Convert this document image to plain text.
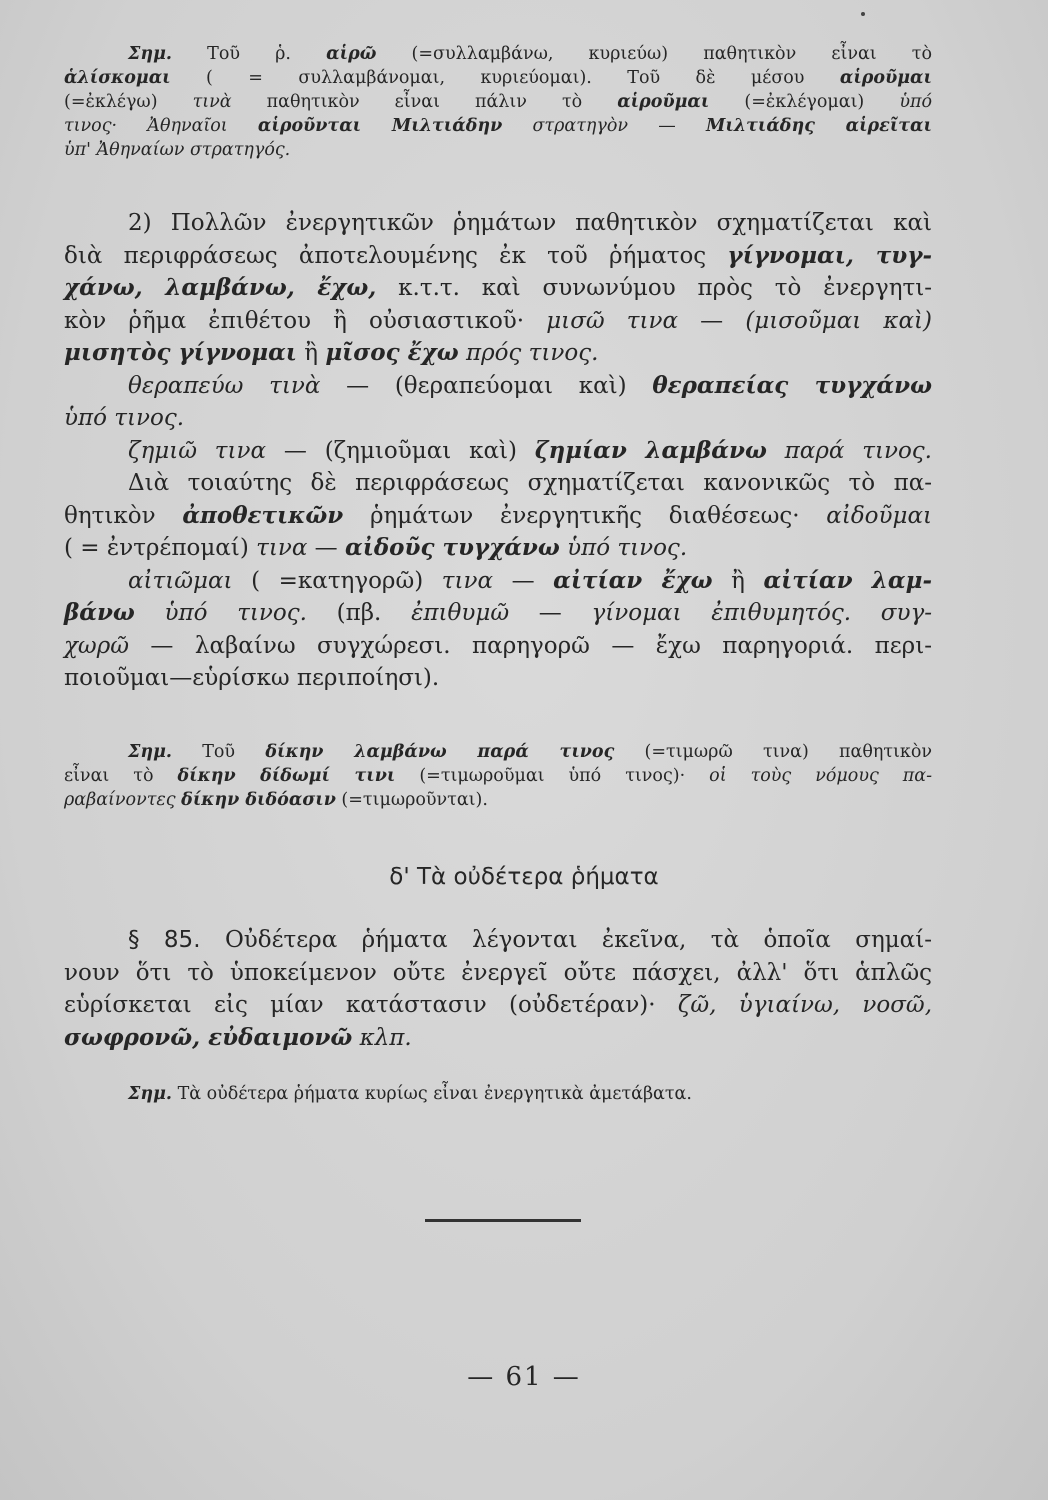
Σημ. Τοῦ ῥ. αἱρῶ (=συλλαμβάνω, κυριεύω) παθητικὸν εἶναι τὸ
ἁλίσκομαι ( = συλλαμβάνομαι, κυριεύομαι). Τοῦ δὲ μέσου αἱροῦμαι
(=ἐκλέγω) τινὰ παθητικὸν εἶναι πάλιν τὸ αἱροῦμαι (=ἐκλέγομαι) ὑπό
τινος· Ἀθηναῖοι αἱροῦνται Μιλτιάδην στρατηγὸν — Μιλτιάδης αἱρεῖται
ὑπ' Ἀθηναίων στρατηγός.
2) Πολλῶν ἐνεργητικῶν ῥημάτων παθητικὸν σχηματίζεται καὶ
διὰ περιφράσεως ἀποτελουμένης ἐκ τοῦ ῥήματος γίγνομαι, τυγ-
χάνω, λαμβάνω, ἔχω, κ.τ.τ. καὶ συνωνύμου πρὸς τὸ ἐνεργητι-
κὸν ῥῆμα ἐπιθέτου ἢ οὐσιαστικοῦ· μισῶ τινα — (μισοῦμαι καὶ)
μισητὸς γίγνομαι ἢ μῖσος ἔχω πρός τινος.
θεραπεύω τινὰ — (θεραπεύομαι καὶ) θεραπείας τυγχάνω
ὑπό τινος.
ζημιῶ τινα — (ζημιοῦμαι καὶ) ζημίαν λαμβάνω παρά τινος.
Διὰ τοιαύτης δὲ περιφράσεως σχηματίζεται κανονικῶς τὸ πα-
θητικὸν ἀποθετικῶν ῥημάτων ἐνεργητικῆς διαθέσεως· αἰδοῦμαι
( = ἐντρέπομαί) τινα — αἰδοῦς τυγχάνω ὑπό τινος.
αἰτιῶμαι ( =κατηγορῶ) τινα — αἰτίαν ἔχω ἢ αἰτίαν λαμ-
βάνω ὑπό τινος. (πβ. ἐπιθυμῶ — γίνομαι ἐπιθυμητός. συγ-
χωρῶ — λαβαίνω συγχώρεσι. παρηγορῶ — ἔχω παρηγοριά. περι-
ποιοῦμαι—εὑρίσκω περιποίησι).
Σημ. Τοῦ δίκην λαμβάνω παρά τινος (=τιμωρῶ τινα) παθητικὸν
εἶναι τὸ δίκην δίδωμί τινι (=τιμωροῦμαι ὑπό τινος)· οἱ τοὺς νόμους πα-
ραβαίνοντες δίκην διδόασιν (=τιμωροῦνται).
δ' Τὰ οὐδέτερα ῥήματα
§ 85. Οὐδέτερα ῥήματα λέγονται ἐκεῖνα, τὰ ὁποῖα σημαί-
νουν ὅτι τὸ ὑποκείμενον οὔτε ἐνεργεῖ οὔτε πάσχει, ἀλλ' ὅτι ἁπλῶς
εὑρίσκεται εἰς μίαν κατάστασιν (οὐδετέραν)· ζῶ, ὑγιαίνω, νοσῶ,
σωφρονῶ, εὐδαιμονῶ κλπ.
Σημ. Τὰ οὐδέτερα ῥήματα κυρίως εἶναι ἐνεργητικὰ ἀμετάβατα.
— 61 —
